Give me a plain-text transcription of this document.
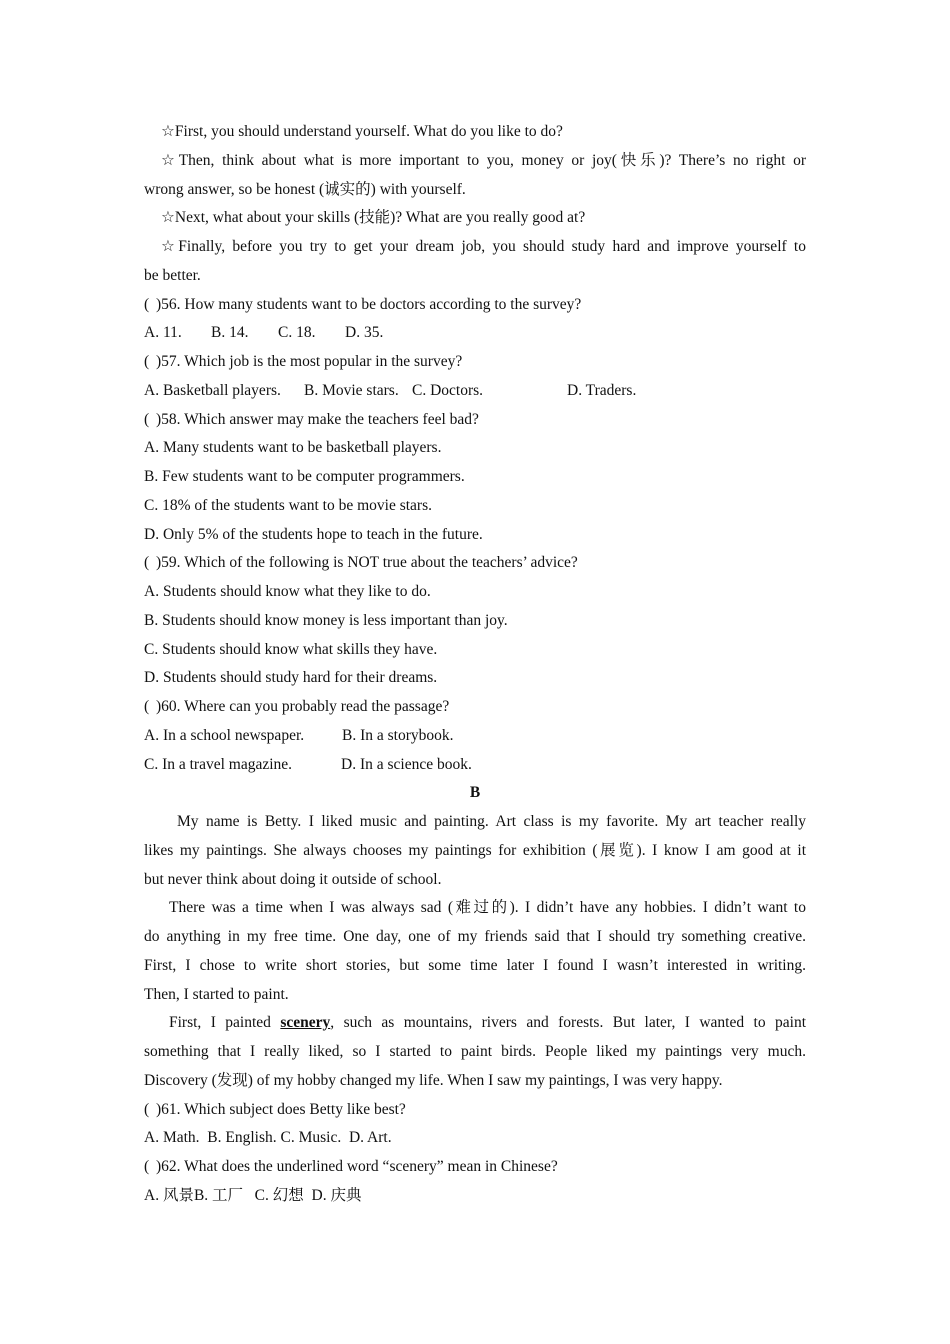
☆First, you should understand yourself. What do you like to do?
☆Then, think about what is more important to you, money or joy(快乐)? There’s no right or
wrong answer, so be honest (诚实的) with yourself.
☆Next, what about your skills (技能)? What are you really good at?
☆Finally, before you try to get your dream job, you should study hard and improve yourself to
be better.
( )56. How many students want to be doctors according to the survey?
A. 11. B. 14. C. 18. D. 35.
( )57. Which job is the most popular in the survey?
A. Basketball players. B. Movie stars. C. Doctors.	D. Traders.
( )58. Which answer may make the teachers feel bad?
A. Many students want to be basketball players.
B. Few students want to be computer programmers.
C. 18% of the students want to be movie stars.
D. Only 5% of the students hope to teach in the future.
( )59. Which of the following is NOT true about the teachers’ advice?
A. Students should know what they like to do.
B. Students should know money is less important than joy.
C. Students should know what skills they have.
D. Students should study hard for their dreams.
( )60. Where can you probably read the passage?
A. In a school newspaper. B. In a storybook.
C. In a travel magazine.	D. In a science book.
B
My name is Betty. I liked music and painting. Art class is my favorite. My art teacher really
likes my paintings. She always chooses my paintings for exhibition (展览). I know I am good at it
but never think about doing it outside of school.
There was a time when I was always sad (难过的). I didn’t have any hobbies. I didn’t want to
do anything in my free time. One day, one of my friends said that I should try something creative.
First, I chose to write short stories, but some time later I found I wasn’t interested in writing.
Then, I started to paint.
First, I painted scenery, such as mountains, rivers and forests. But later, I wanted to paint
something that I really liked, so I started to paint birds. People liked my paintings very much.
Discovery (发现) of my hobby changed my life. When I saw my paintings, I was very happy.
( )61. Which subject does Betty like best?
A. Math. B. English. C. Music. D. Art.
( )62. What does the underlined word “scenery” mean in Chinese?
A. 风景B. 工厂 C. 幻想 D. 庆典
